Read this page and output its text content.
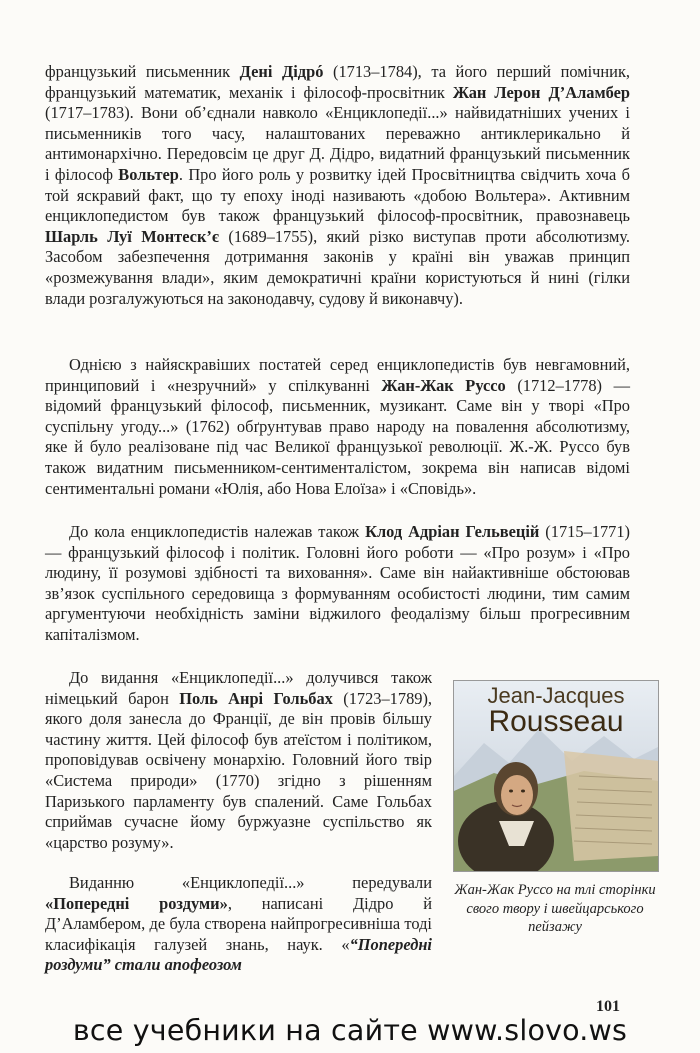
французький письменник Дені Дідрó (1713–1784), та його перший помічник, французький математик, механік і філософ-просвітник Жан Лерон Д’Аламбер (1717–1783). Вони об’єднали навколо «Енциклопедії...» найвидатніших учених і письменників того часу, налаштованих переважно антиклерикально й антимонархічно. Передовсім це друг Д. Дідро, видатний французький письменник і філософ Вольтер. Про його роль у розвитку ідей Просвітництва свідчить хоча б той яскравий факт, що ту епоху іноді називають «добою Вольтера». Активним енциклопедистом був також французький філософ-просвітник, правознавець Шарль Луї Монтеск’є (1689–1755), який різко виступав проти абсолютизму. Засобом забезпечення дотримання законів у країні він уважав принцип «розмежування влади», яким демократичні країни користуються й нині (гілки влади розгалужуються на законодавчу, судову й виконавчу).

Однією з найяскравіших постатей серед енциклопедистів був невгамовний, принциповий і «незручний» у спілкуванні Жан-Жак Руссо (1712–1778) — відомий французький філософ, письменник, музикант. Саме він у творі «Про суспільну угоду...» (1762) обґрунтував право народу на повалення абсолютизму, яке й було реалізоване під час Великої французької революції. Ж.-Ж. Руссо був також видатним письменником-сентименталістом, зокрема він написав відомі сентиментальні романи «Юлія, або Нова Елоїза» і «Сповідь».

До кола енциклопедистів належав також Клод Адріан Гельвецій (1715–1771) — французький філософ і політик. Головні його роботи — «Про розум» і «Про людину, її розумові здібності та виховання». Саме він найактивніше обстоював зв’язок суспільного середовища з формуванням особистості людини, тим самим аргументуючи необхідність заміни віджилого феодалізму більш прогресивним капіталізмом.

До видання «Енциклопедії...» долучився також німецький барон Поль Анрі Гольбах (1723–1789), якого доля занесла до Франції, де він провів більшу частину життя. Цей філософ був атеїстом і політиком, проповідував освічену монархію. Головний його твір «Система природи» (1770) згідно з рішенням Паризького парламенту був спалений. Саме Гольбах сприймав сучасне йому буржуазне суспільство як «царство розуму».

Виданню «Енциклопедії...» передували «Попередні роздуми», написані Дідро й Д’Аламбером, де була створена найпрогресивніша тоді класифікація галузей знань, наук. «“Попередні роздуми” стали апофеозом

Jean-Jacques
Rousseau
Жан-Жак Руссо на тлі сторінки свого твору і швейцарського пейзажу
101
все учебники на сайте www.slovo.ws
